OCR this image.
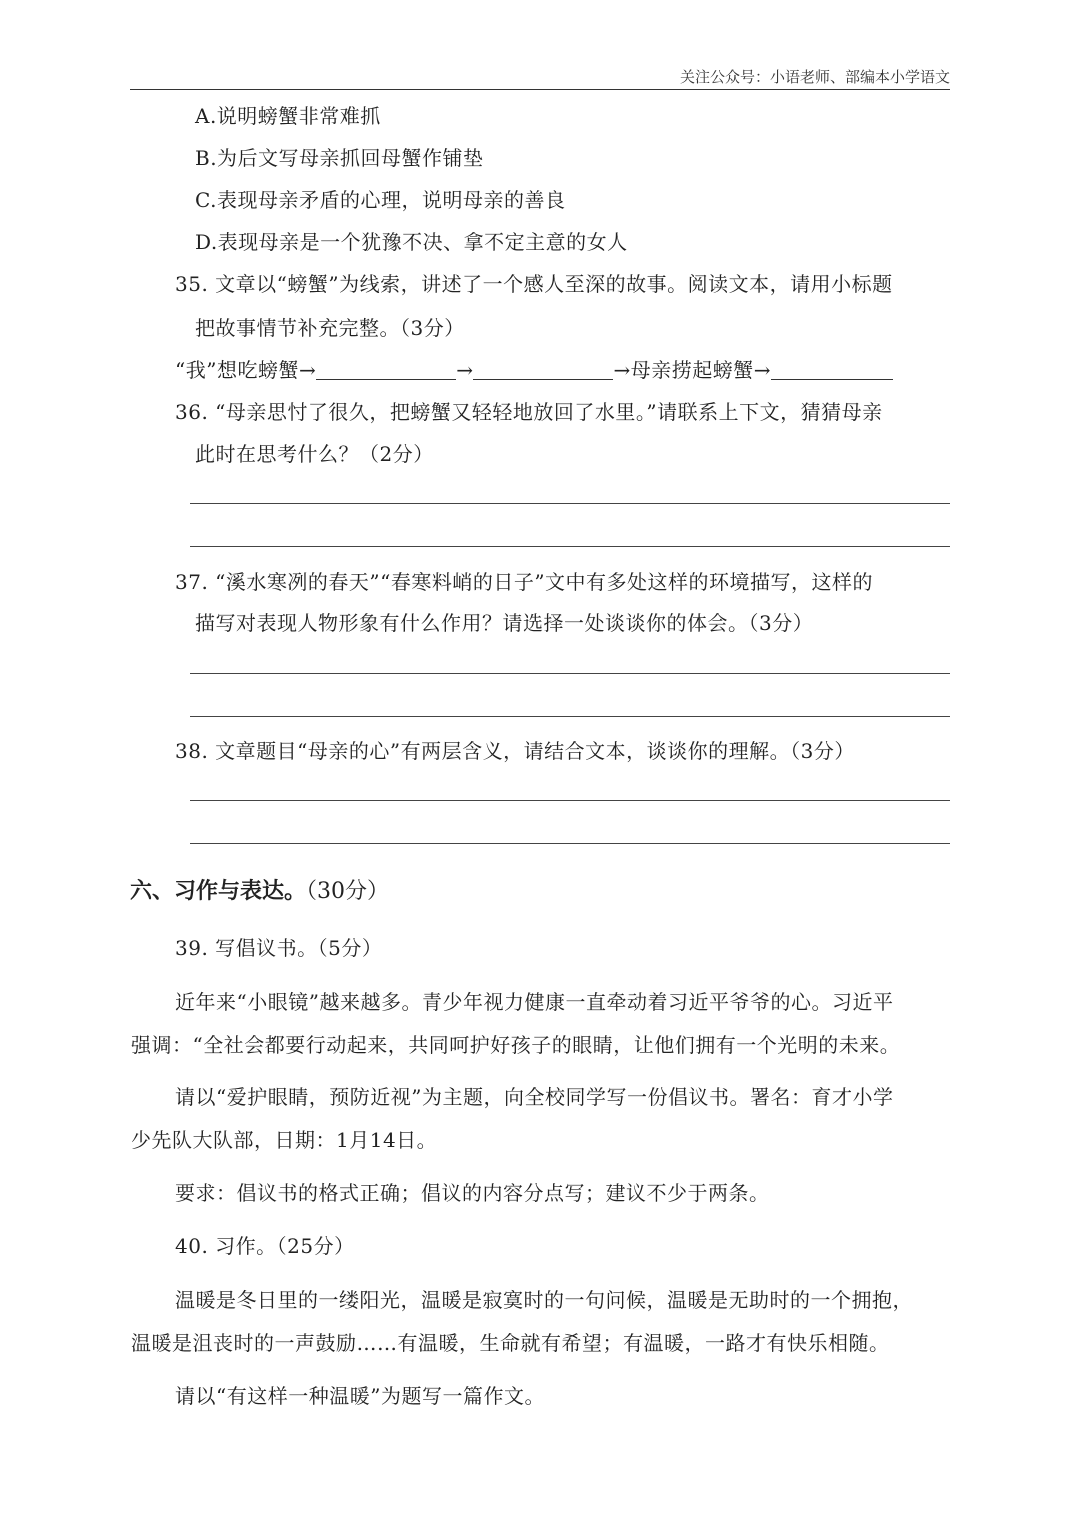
关注公众号：小语老师、部编本小学语文
A.说明螃蟹非常难抓
B.为后文写母亲抓回母蟹作铺垫
C.表现母亲矛盾的心理，说明母亲的善良
D.表现母亲是一个犹豫不决、拿不定主意的女人
35. 文章以“螃蟹”为线索，讲述了一个感人至深的故事。阅读文本，请用小标题
把故事情节补充完整。（3分）
“我”想吃螃蟹→	→	→母亲捞起螃蟹→
36. “母亲思忖了很久，把螃蟹又轻轻地放回了水里。”请联系上下文，猜猜母亲
此时在思考什么？（2分）
37. “溪水寒冽的春天”“春寒料峭的日子”文中有多处这样的环境描写，这样的
描写对表现人物形象有什么作用？请选择一处谈谈你的体会。（3分）
38. 文章题目“母亲的心”有两层含义，请结合文本，谈谈你的理解。（3分）
六、习作与表达。（30分）
39. 写倡议书。（5分）
近年来“小眼镜”越来越多。青少年视力健康一直牵动着习近平爷爷的心。习近平
强调：“全社会都要行动起来，共同呵护好孩子的眼睛，让他们拥有一个光明的未来。
请以“爱护眼睛，预防近视”为主题，向全校同学写一份倡议书。署名：育才小学
少先队大队部，日期：1月14日。
要求：倡议书的格式正确；倡议的内容分点写；建议不少于两条。
40. 习作。（25分）
温暖是冬日里的一缕阳光，温暖是寂寞时的一句问候，温暖是无助时的一个拥抱，
温暖是沮丧时的一声鼓励……有温暖，生命就有希望；有温暖，一路才有快乐相随。
请以“有这样一种温暖”为题写一篇作文。
